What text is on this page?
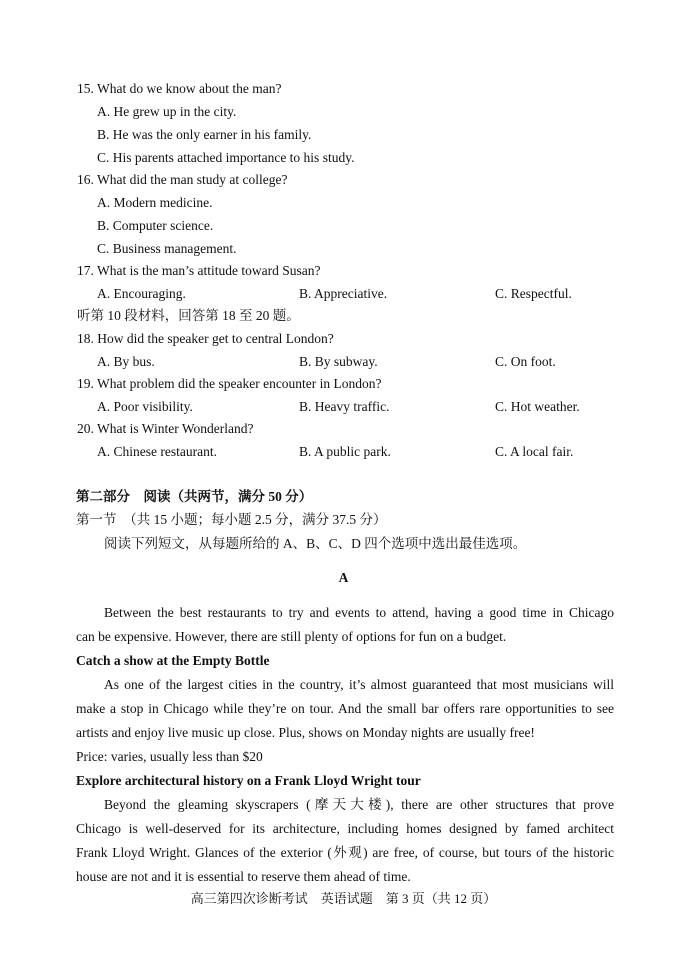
15. What do we know about the man?
A. He grew up in the city.
B. He was the only earner in his family.
C. His parents attached importance to his study.
16. What did the man study at college?
A. Modern medicine.
B. Computer science.
C. Business management.
17. What is the man’s attitude toward Susan?
A. Encouraging.	B. Appreciative.	C. Respectful.
听第 10 段材料，回答第 18 至 20 题。
18. How did the speaker get to central London?
A. By bus.	B. By subway.	C. On foot.
19. What problem did the speaker encounter in London?
A. Poor visibility.	B. Heavy traffic.	C. Hot weather.
20. What is Winter Wonderland?
A. Chinese restaurant.	B. A public park.	C. A local fair.
第二部分　阅读（共两节，满分 50 分）
第一节　（共 15 小题；每小题 2.5 分，满分 37.5 分）
阅读下列短文，从每题所给的 A、B、C、D 四个选项中选出最佳选项。
A
Between the best restaurants to try and events to attend, having a good time in Chicago
can be expensive. However, there are still plenty of options for fun on a budget.
Catch a show at the Empty Bottle
As one of the largest cities in the country, it’s almost guaranteed that most musicians will
make a stop in Chicago while they’re on tour. And the small bar offers rare opportunities to see
artists and enjoy live music up close. Plus, shows on Monday nights are usually free!
Price: varies, usually less than $20
Explore architectural history on a Frank Lloyd Wright tour
Beyond the gleaming skyscrapers (摩天大楼), there are other structures that prove
Chicago is well-deserved for its architecture, including homes designed by famed architect
Frank Lloyd Wright. Glances of the exterior (外观) are free, of course, but tours of the historic
house are not and it is essential to reserve them ahead of time.
高三第四次诊断考试　英语试题　第 3 页（共 12 页）
